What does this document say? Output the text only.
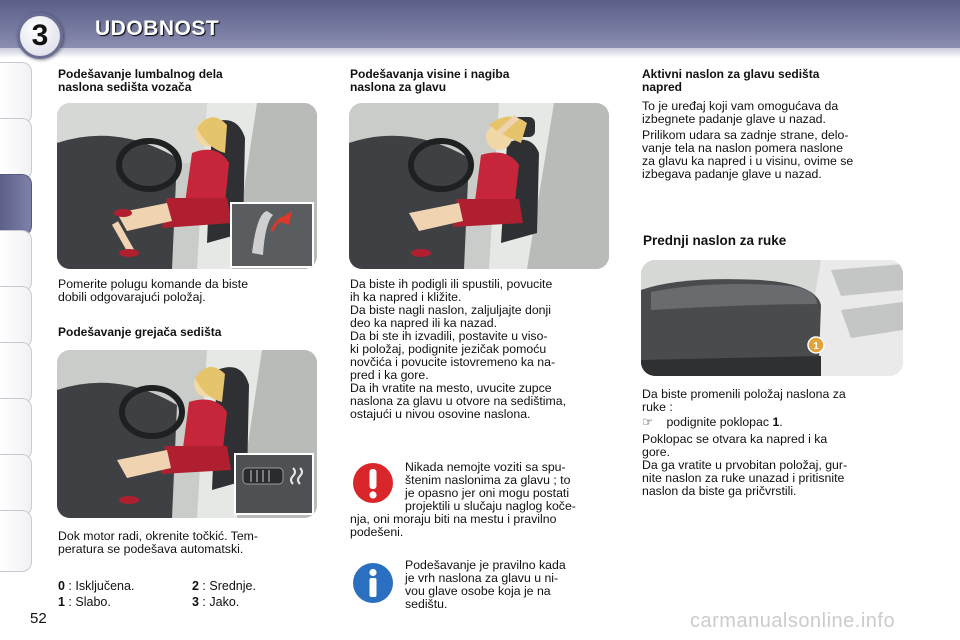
3	UDOBNOST
52
Podešavanje lumbalnog dela
naslona sedišta vozača
Pomerite polugu komande da biste
dobili odgovarajući položaj.
Podešavanje grejača sedišta
Dok motor radi, okrenite točkić. Tem-
peratura se podešava automatski.
0 : Isključena.
1 : Slabo.
2 : Srednje.
3 : Jako.
Podešavanja visine i nagiba
naslona za glavu
Da biste ih podigli ili spustili, povucite
ih ka napred i kližite.
Da biste nagli naslon, zaljuljajte donji
deo ka napred ili ka nazad.
Da bi ste ih izvadili, postavite u viso-
ki položaj, podignite jezičak pomoću
novčića i povucite istovremeno ka na-
pred i ka gore.
Da ih vratite na mesto, uvucite zupce
naslona za glavu u otvore na sedištima,
ostajući u nivou osovine naslona.
Nikada nemojte voziti sa spu-
štenim naslonima za glavu ; to
je opasno jer oni mogu postati
projektili u slučaju naglog koče-
nja, oni moraju biti na mestu i pravilno
podešeni.
Podešavanje je pravilno kada
je vrh naslona za glavu u ni-
vou glave osobe koja je na
sedištu.
Aktivni naslon za glavu sedišta
napred
To je uređaj koji vam omogućava da
izbegnete padanje glave u nazad.
Prilikom udara sa zadnje strane, delo-
vanje tela na naslon pomera naslone
za glavu ka napred i u visinu, ovime se
izbegava padanje glave u nazad.
Prednji naslon za ruke
1
Da biste promenili položaj naslona za
ruke :
☞ podignite poklopac 1.
Poklopac se otvara ka napred i ka
gore.
Da ga vratite u prvobitan položaj, gur-
nite naslon za ruke unazad i pritisnite
naslon da biste ga pričvrstili.
carmanualsonline.info
